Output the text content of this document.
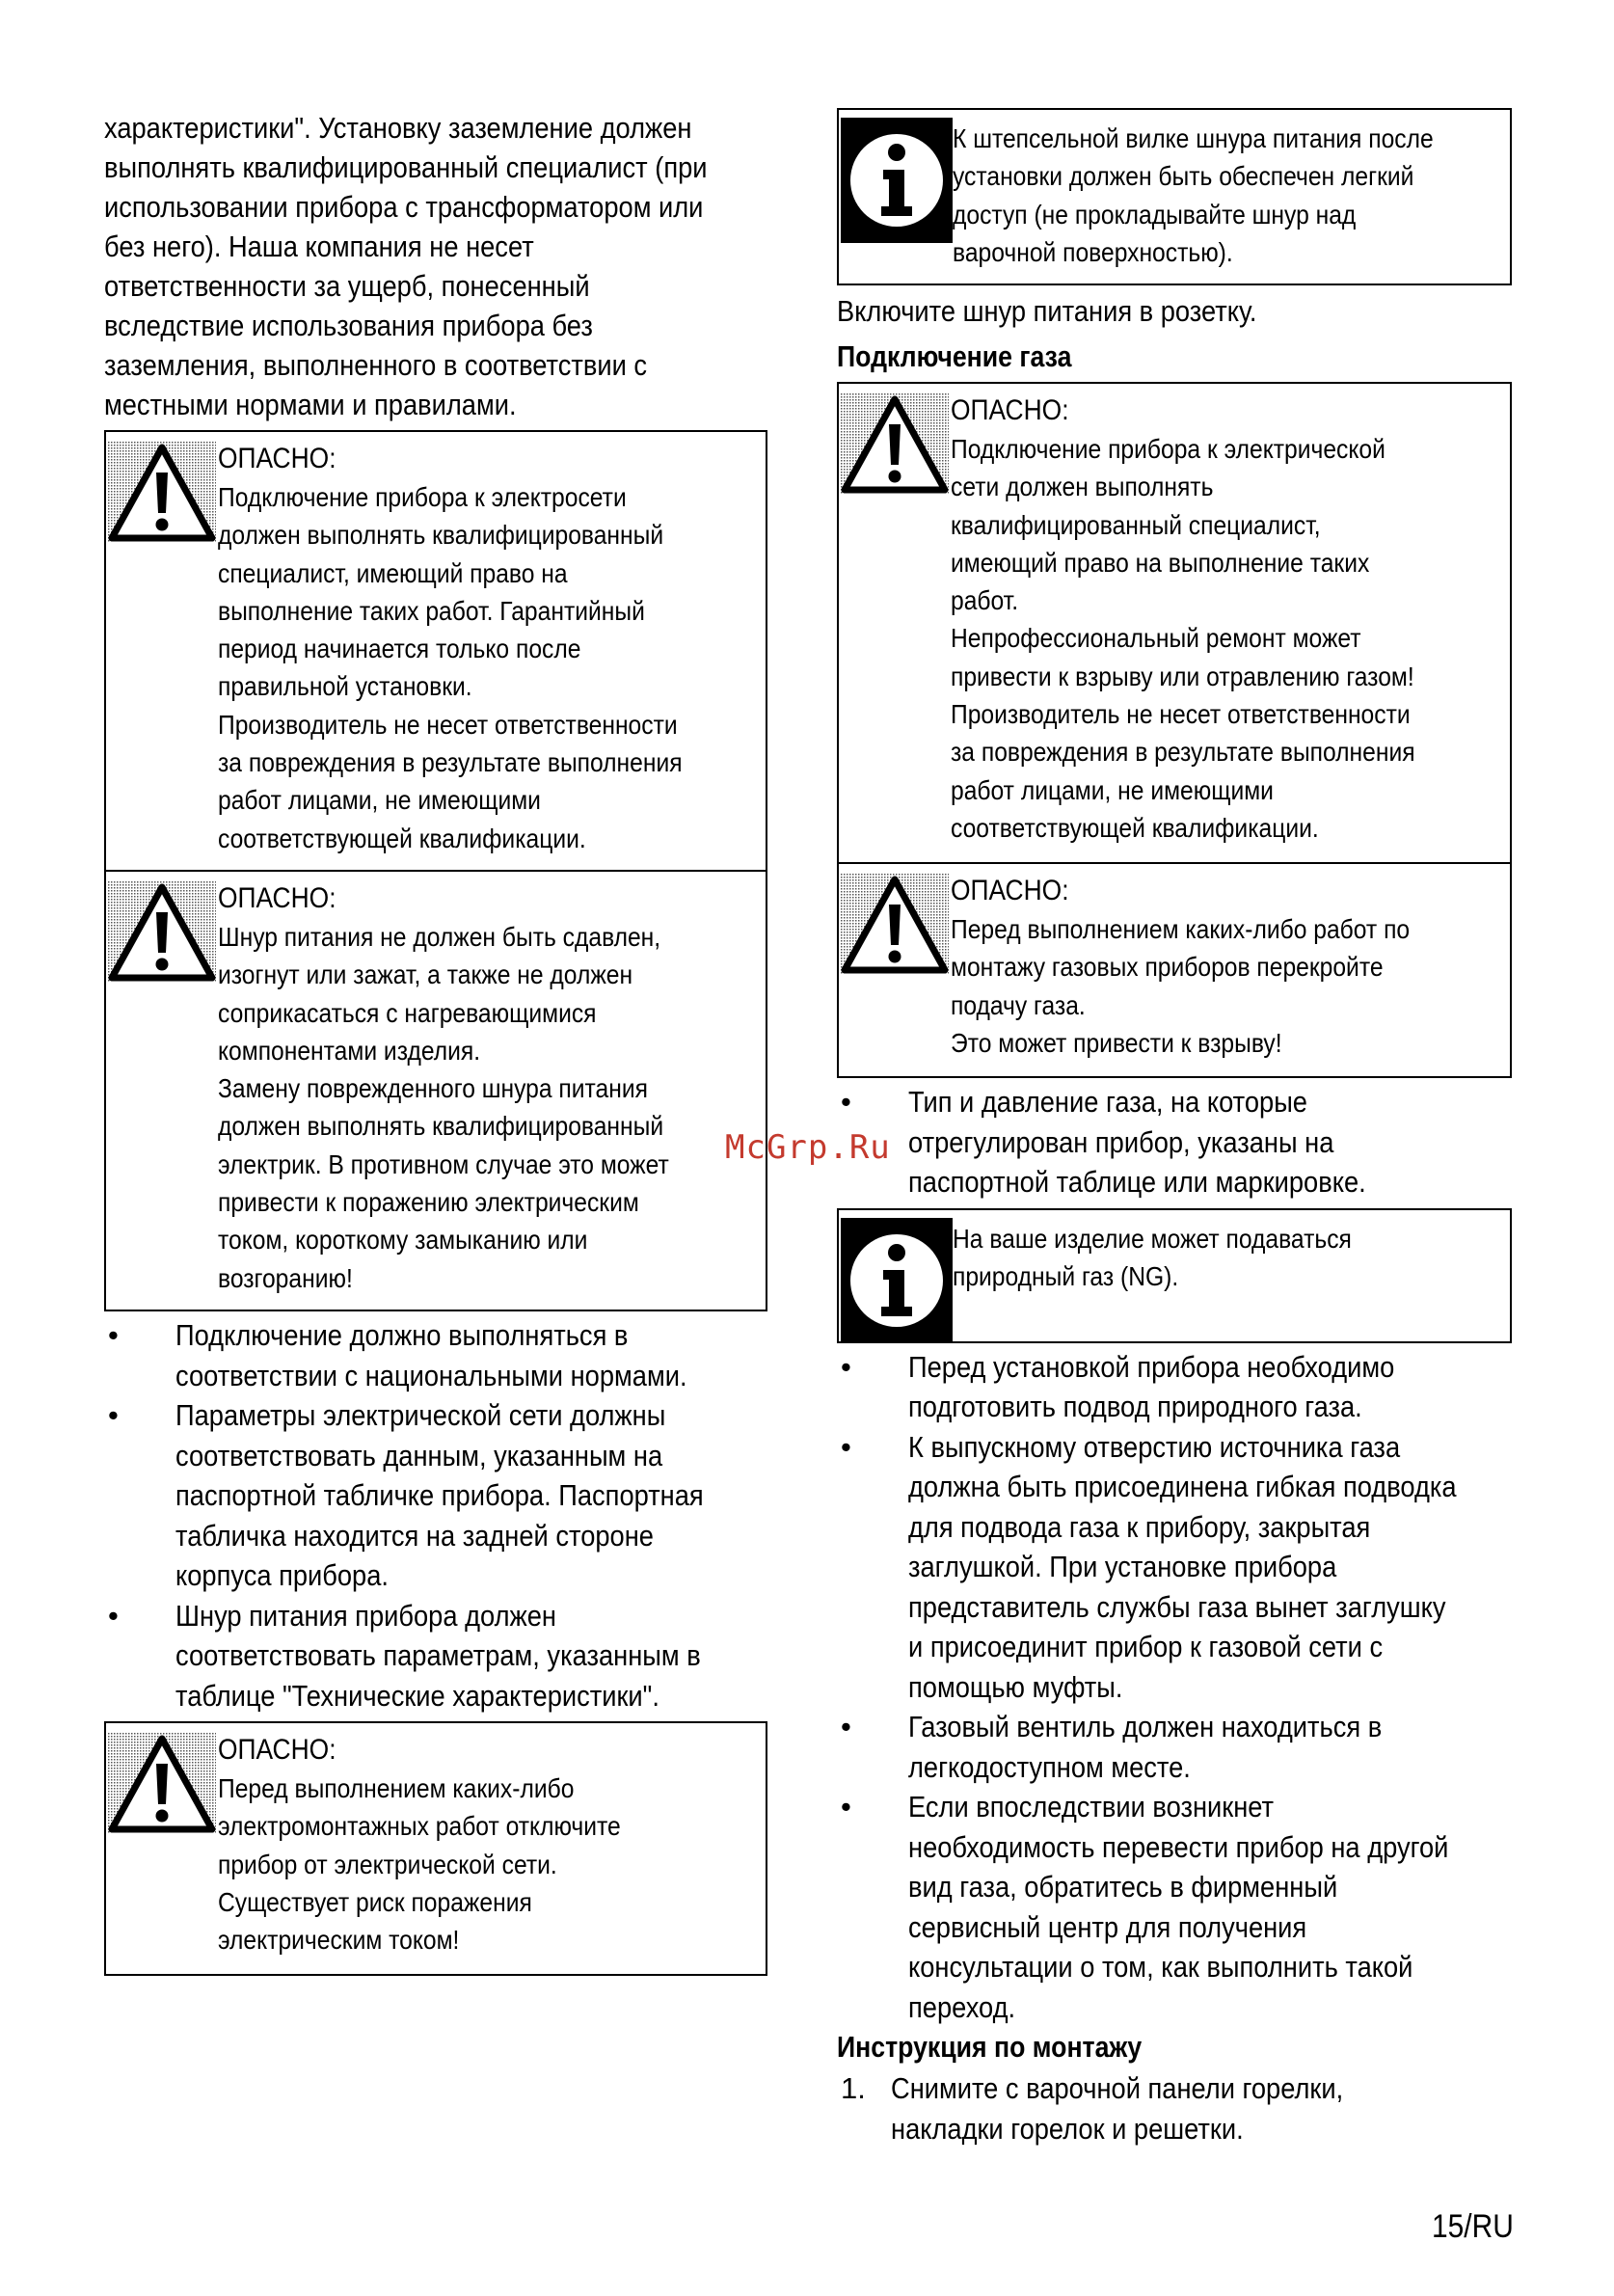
характеристики". Установку заземление должен

выполнять квалифицированный специалист (при

использовании прибора с трансформатором или

без него). Наша компания не несет

ответственности за ущерб, понесенный

вследствие использования прибора без

заземления, выполненного в соответствии с

местными нормами и правилами.

ОПАСНО:
Подключение прибора к электросети
должен выполнять квалифицированный
специалист, имеющий право на
выполнение таких работ. Гарантийный
период начинается только после
правильной установки.
Производитель не несет ответственности
за повреждения в результате выполнения
работ лицами, не имеющими
соответствующей квалификации.
ОПАСНО:
Шнур питания не должен быть сдавлен,
изогнут или зажат, а также не должен
соприкасаться с нагревающимися
компонентами изделия.
Замену поврежденного шнура питания
должен выполнять квалифицированный
электрик. В противном случае это может
привести к поражению электрическим
током, короткому замыканию или
возгоранию!
• Подключение должно выполняться в
соответствии с национальными нормами.
• Параметры электрической сети должны
соответствовать данным, указанным на
паспортной табличке прибора. Паспортная
табличка находится на задней стороне
корпуса прибора.
• Шнур питания прибора должен
соответствовать параметрам, указанным в
таблице "Технические характеристики".
ОПАСНО:
Перед выполнением каких-либо
электромонтажных работ отключите
прибор от электрической сети.
Существует риск поражения
электрическим током!
К штепсельной вилке шнура питания после
установки должен быть обеспечен легкий
доступ (не прокладывайте шнур над
варочной поверхностью).

Включите шнур питания в розетку.

Подключение газа

ОПАСНО:
Подключение прибора к электрической
сети должен выполнять
квалифицированный специалист,
имеющий право на выполнение таких
работ.
Непрофессиональный ремонт может
привести к взрыву или отравлению газом!
Производитель не несет ответственности
за повреждения в результате выполнения
работ лицами, не имеющими
соответствующей квалификации.
ОПАСНО:
Перед выполнением каких-либо работ по
монтажу газовых приборов перекройте
подачу газа.
Это может привести к взрыву!
• Тип и давление газа, на которые
отрегулирован прибор, указаны на
паспортной таблице или маркировке.
На ваше изделие может подаваться
природный газ (NG).
• Перед установкой прибора необходимо
подготовить подвод природного газа.
• К выпускному отверстию источника газа
должна быть присоединена гибкая подводка
для подвода газа к прибору, закрытая
заглушкой. При установке прибора
представитель службы газа вынет заглушку
и присоединит прибор к газовой сети с
помощью муфты.
• Газовый вентиль должен находиться в
легкодоступном месте.
• Если впоследствии возникнет
необходимость перевести прибор на другой
вид газа, обратитесь в фирменный
сервисный центр для получения
консультации о том, как выполнить такой
переход.

Инструкция по монтажу

1. Снимите с варочной панели горелки,
накладки горелок и решетки.
McGrp.Ru
15/RU
